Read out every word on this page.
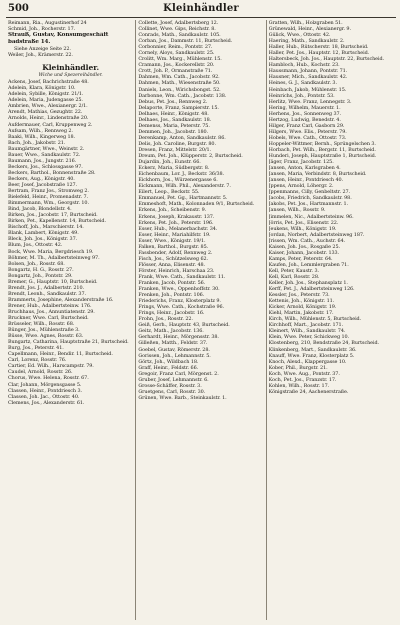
500	Kleinhändler
Reimann, Ria., Augustinerhof 24
Schmid, Joh., Rocherstr. 17.
Strauß, Gustav, Konsumgeschäft
badstraße 14.
Siehe Anzeige Seite 22.
Weiler, Joh., Krämerstr. 22.
Kleinhändler.
Wiche und Spezereihändler.
Ackens, Josef, Bachrichstraße 48.
Adelein, Klara, Königstr. 10.
Adelein, Sybille, Königstr. 21/1.
Adelein, Maria, Judengasse 25.
Ambrien, Wwe., Alexianergr. 2/1.
Arendt, Mathias, Gezughtr. 22.
Arnolds, Heinr., Lindenstraße 20.
Aufdermauer, Carl, Kruppenweg 2.
Aufsam, Wilh., Rennweg 2.
Baaki, Wilh., Kingerweg 18.
Bach, Joh., Jakobstr. 21.
Baumgärtner, Wwe., Weinstr. 2.
Bauer, Wwe., Sandkaulstr. 72.
Baumann, Jos., Jungstr. 216.
Beckers, Jos., Schlossgasse 97.
Beckers, Barthol., Bonnenstraße 28.
Beckers, Aug., Königstr. 40.
Beer, Josef, Jacobstraße 127.
Bertram, Franz Jos., Stromweg 2.
Bielefeld, Heinr., Promenadstr. 7.
Bimmermann, Wm., Georgstr. 10.
Bind, Jacob, Blondellstr. 4.
Birken, Jos., Jacobstr. 17, Burtscheid.
Birken, Pet., Kapellenstr. 14, Burtscheid.
Bischoff, Joh., Marschierstr. 14.
Blank, Lambert, Königstr. 49.
Bleck, Joh. Jos., Königstr. 37.
Blum, Jos., Ottostr. 42.
Bock, Wwe. Maria, Bergdriesch 19.
Böhmer, M. Th., Adalbertsteinweg 97.
Bolsen, Joh., Rosstr. 68.
Bongartz, H. G., Rosstr. 27.
Bongartz, Joh., Pontstr. 29.
Bremer, G., Hauptstr. 10, Burtscheid.
Brendt, Jos. J., Adalbertstr. 210.
Brendt, Leonh., Sandkaulstr. 37.
Brammerts, Josephine, Alexanderstraße 16.
Brener, Hub., Adalbertsteinw. 176.
Bruchhaus, Jos., Annuntiatenstr. 29.
Bruckner, Wwe. Carl, Burtscheid.
Brüsseler, Wilh., Rosstr. 68.
Bünger, Jos., Mühlenstraße 3.
Büsse, Wwe. Agnes, Rosstr. 63.
Bungartz, Catharina, Hauptstraße 21, Burtscheid.
Burg, Jos., Peterstr. 41.
Capellmann, Heinr., Bendir. 11, Burtscheid.
Carl, Lorenz, Rosstr. 76.
Cartier, Ed. Wilh., Harscampstr. 79.
Caudel, Arnold, Rosstr. 26.
Chorus, Wwe. Helena, Rosstr. 67.
Clar, Johann, Mörgensgasse 5.
Classen, Heinr., Pontdriesch 3.
Classen, Joh. Jac., Ottostr. 40.
Clemens, Jos., Alexanderstr. 61.
Collette, Josef, Adalbertsberg 12.
Collinet, Wwe. Gips, Reichstr. 8.
Conrads, Math., Sandkaulstr. 105.
Corban, Jos., Dammstr. 11, Burtscheid.
Corbonnier, Reim., Pontstr. 27.
Cornely, Aloys, Sandkaulstr. 25.
Crolitt, Wm. Marg., Mühlenstr. 15.
Cramann, Jos., Kockerellstr. 20.
Crott, Joh. P., Ormanstraße 71.
Dahmen, Wm. Cath., Jacobstr. 92.
Dahmen, Math., Wiesenstraße 50.
Daniels, Leon., Wirichsbongst. 52.
Darbonne, Wm. Cath., Jacobstr. 138.
Debus, Pet. Jos., Rennweg 2.
Delaporte, Franz, Sampierstr. 15.
Delhaes, Heinr., Königstr. 48.
Delhaes, Jos., Sandkaulstr. 18.
Demenss, Maria, Peterstr. 75.
Demmen, Joh., Jacobstr. 180.
Derenkamp, Anton, Sandkaulstr. 86.
Delis, Joh. Caroline, Burgstr. 80.
Dresen, Franz, Mittelstr. 20/1.
Dreum, Pet. Joh., Klüpperstr. 2, Burtscheid.
Dujardin, Joh., Eunstr. 66.
Eckerz, Maria, Südbergstr. 8.
Eichenbaum, Lor. J., Beckstr. 36/38.
Eickhorn, Jos., Würzenergasse 6.
Eickmann, Wilh. Phil., Alexanderstr. 7.
Eilert, Leop., Beckstr. 55.
Emmanuel, Pet. Gg., Hartmannstr. 5.
Emmeshoft, Math., Kolonnaden 9/1, Burtscheid.
Erkens, Joh., Scheibenstr. 9.
Erkens, Joseph, Krakaustr. 137.
Erkens, Pet. Joh., Peterstr. 196.
Esser, Hub., Melanerbachstr. 34.
Esser, Heinr., Mariahilfstr. 19.
Esser, Wwe., Königstr. 19/1.
Falken, Barthol., Burgstr. 85.
Fassbender, Adolf, Rennweg 2.
Fisch, Jos., Schützelsweg 62.
Flösser, Anna, Elisenstr. 48.
Förster, Heinrich, Harschaa 23.
Frank, Wwe. Cath., Sandkaulstr. 11.
Franken, Jacob, Pontstr. 56.
Franken, Wwe., Oppenhoffstr. 30.
Frenken, Joh., Pontstr. 106.
Friederichs, Franz, Klosterplatz 9.
Frings, Wwe. Cath., Kochstraße 96.
Frings, Heinr., Jacobstr. 16.
Frohn, Jos., Rosstr. 22.
Geiß, Gerh., Hauptstr. 43, Burtscheid.
Geitz, Math., Jacobstr. 136.
Gerhardt, Heinr., Mörgensstr. 38.
Gilleßen, Matth., Feldstr. 37.
Goebel, Gustav, Römerstr. 28.
Gorissen, Joh., Lehmannstr. 5.
Görtz, Joh., Wildbach 18.
Graff, Heinr., Feldstr. 66.
Gregoir, Franz Carl, Mörgenst. 2.
Gruber, Josef, Lehmannstr. 6.
Grosse-Schäffer, Rosstr. 3.
Gruetgens, Carl, Rosstr. 30.
Grünen, Wwe. Barb., Steinkaulstr. 1.
Gratten, Wilh., Holzgraben 51.
Grünewald, Heinr., Alexianergr. 9.
Gülick, Wwe., Ottostr. 42.
Haering, Math., Sandkaulstr. 2.
Haller, Hub., Rütscherstr. 18, Burtscheid.
Haller, Pet. Jos., Hauptstr. 12, Burtscheid.
Haltersbeck, Joh. Jos., Hauptstr. 22, Burtscheid.
Hambloch, Hub., Kochstr. 23.
Haussmann, Johann, Pontstr. 71.
Hausner, Mich., Sandkaulstr. 42.
Heines, G. J., Sandkaulstr. 3.
Heinbach, Jakob, Mühlenstr. 15.
Heinrichs, Joh., Pontstr. 53.
Herlitz, Wwe. Franz, Lennegstr. 3.
Hering, Wilhelm, Mauerstr. 1.
Herhens, Jos., Sonnenweg 37.
Hertzog, Ludwig, Benedstr. 4.
Hilger, Franz Carl, Gasborn 29.
Hilgers, Wwe. Elis., Peterstr. 79.
Hobels, Wwe. Cath., Ottostr. 73.
Hoppeler-Wittmer, Bernh., Sprüngelschen 3.
Horbach, Pet. Wilh., Bergstr. 11, Burtscheid.
Hunderi, Joseph, Hauptstraße 1, Burtscheid.
Jäger, Franz, Jacobstr. 125.
Jansen, Anton, Karlsgraben 4.
Jansen, Maria, Verbindstr. 8, Burtscheid.
Jansen, Heinr., Pontdriesch 40.
Jppens, Arnold, Löhergr. 2.
Jppenmanns, Cilly, Genbeltstr. 27.
Jacobs, Friedrich, Sandkaulstr. 98.
Jakobs, Pet. Jos., Hartmannstr. 1.
Jansen, Wilh., Rosstr. 9.
Jimmelen, Nic., Adalbertsteinw. 96.
Jörris, Pet. Jos., Elisenstr. 22.
Jeukens, Wilh., Königstr. 19.
Jordan, Norbert, Adalbertsteinweg 187.
Jrissen, Wm. Cath., Auchstr. 64.
Kaisen, Joh. Jos., Rosgaße 25.
Kaiser, Johann, Jacobstr. 133.
Kamps, Peter, Peterstr. 64.
Kaufen, Joh., Lemmlergraben 71.
Kell, Peter, Kaustr. 3.
Kell, Karl, Rosstr. 28.
Keller, Joh. Jos., Stephansplatz 1.
Kerff, Pet. J., Adalbertsteinweg 126.
Kessler, Jos., Peterstr. 73.
Kettenis, Joh., Königstr. 11.
Kicker, Arnold, Königstr. 19.
Kiehl, Martin, Jakobstr. 17.
Kirch, Wilh., Mühlenstr. 5, Burtscheid.
Kirchhoff, Mart., Jacobstr. 171.
Kleinert, Wilh., Sandkaulstr. 74.
Klein, Wwe. Peter, Schickweg 10.
Klostenberg, 210, Bendstraße 24, Burtscheid.
Klinkenberg, Mart., Sandkaulstr. 36.
Knauff, Wwe. Franz, Klosterplatz 5.
Knoch, Alexd., Klappergasse 10.
Kober, Phil., Burgstr. 21.
Koch, Wwe. Aug., Pontstr. 37.
Koch, Pet. Jos., Franzstr. 17.
Kohlen, Wilh., Rosstr. 17.
Königstraße 24, Aachenerstraße.
